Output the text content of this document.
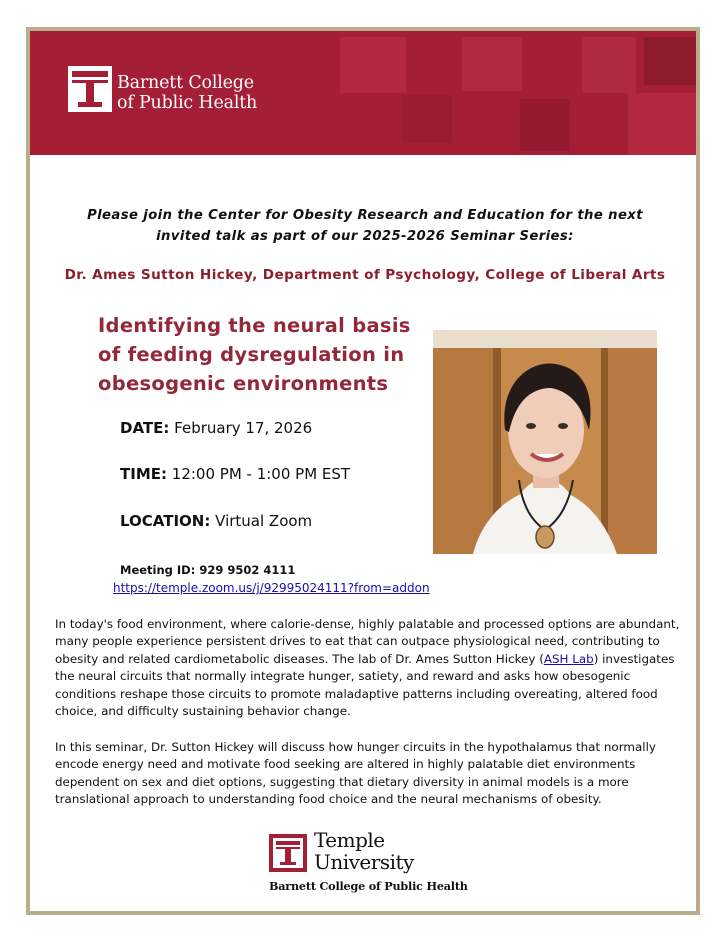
Barnett College
of Public Health
Please join the Center for Obesity Research and Education for the next invited talk as part of our 2025-2026 Seminar Series:
Dr. Ames Sutton Hickey, Department of Psychology, College of Liberal Arts
Identifying the neural basis of feeding dysregulation in obesogenic environments
DATE: February 17, 2026
TIME: 12:00 PM - 1:00 PM EST
LOCATION: Virtual Zoom
Meeting ID: 929 9502 4111
https://temple.zoom.us/j/92995024111?from=addon
In today's food environment, where calorie-dense, highly palatable and processed options are abundant, many people experience persistent drives to eat that can outpace physiological need, contributing to obesity and related cardiometabolic diseases. The lab of Dr. Ames Sutton Hickey (ASH Lab) investigates the neural circuits that normally integrate hunger, satiety, and reward and asks how obesogenic conditions reshape those circuits to promote maladaptive patterns including overeating, altered food choice, and difficulty sustaining behavior change.
In this seminar, Dr. Sutton Hickey will discuss how hunger circuits in the hypothalamus that normally encode energy need and motivate food seeking are altered in highly palatable diet environments dependent on sex and diet options, suggesting that dietary diversity in animal models is a more translational approach to understanding food choice and the neural mechanisms of obesity.
Temple
University
Barnett College of Public Health
